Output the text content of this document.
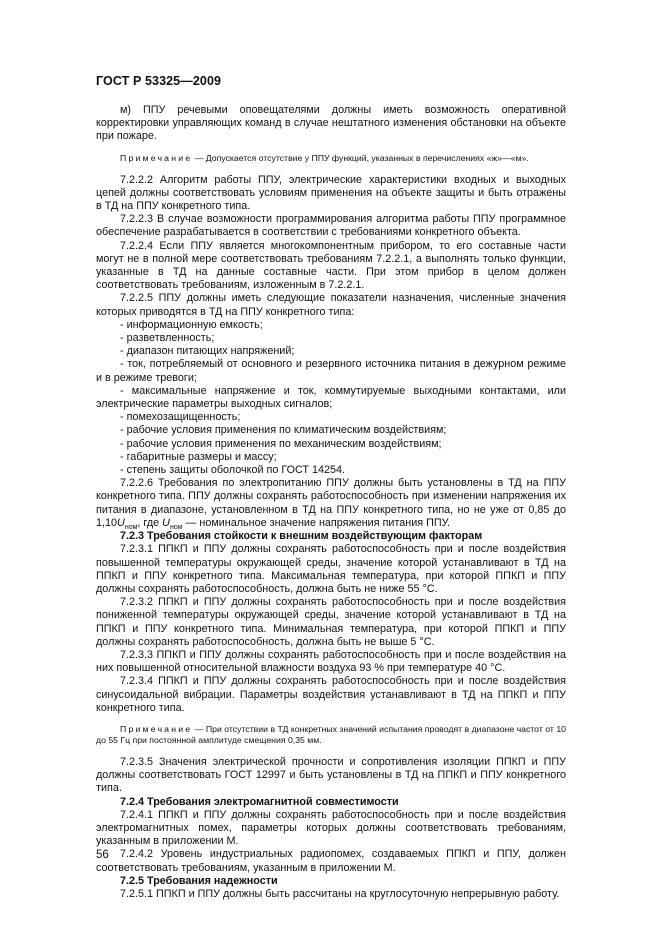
ГОСТ Р 53325—2009

м) ППУ речевыми оповещателями должны иметь возможность оперативной корректировки управляющих команд в случае нештатного изменения обстановки на объекте при пожаре.

Примечание — Допускается отсутствие у ППУ функций, указанных в перечислениях «ж»—«м».

7.2.2.2 Алгоритм работы ППУ, электрические характеристики входных и выходных цепей должны соответствовать условиям применения на объекте защиты и быть отражены в ТД на ППУ конкретного типа.

7.2.2.3 В случае возможности программирования алгоритма работы ППУ программное обеспечение разрабатывается в соответствии с требованиями конкретного объекта.

7.2.2.4 Если ППУ является многокомпонентным прибором, то его составные части могут не в полной мере соответствовать требованиям 7.2.2.1, а выполнять только функции, указанные в ТД на данные составные части. При этом прибор в целом должен соответствовать требованиям, изложенным в 7.2.2.1.

7.2.2.5 ППУ должны иметь следующие показатели назначения, численные значения которых приводятся в ТД на ППУ конкретного типа:

- информационную емкость;

- разветвленность;

- диапазон питающих напряжений;

- ток, потребляемый от основного и резервного источника питания в дежурном режиме и в режиме тревоги;

- максимальные напряжение и ток, коммутируемые выходными контактами, или электрические параметры выходных сигналов;

- помехозащищенность;

- рабочие условия применения по климатическим воздействиям;

- рабочие условия применения по механическим воздействиям;

- габаритные размеры и массу;

- степень защиты оболочкой по ГОСТ 14254.

7.2.2.6 Требования по электропитанию ППУ должны быть установлены в ТД на ППУ конкретного типа. ППУ должны сохранять работоспособность при изменении напряжения их питания в диапазоне, установленном в ТД на ППУ конкретного типа, но не уже от 0,85 до $1,10U_{ном}$, где $U_{ном}$ — номинальное значение напряжения питания ППУ.

7.2.3 Требования стойкости к внешним воздействующим факторам

7.2.3.1 ППКП и ППУ должны сохранять работоспособность при и после воздействия повышенной температуры окружающей среды, значение которой устанавливают в ТД на ППКП и ППУ конкретного типа. Максимальная температура, при которой ППКП и ППУ должны сохранять работоспособность, должна быть не ниже 55 °С.

7.2.3.2 ППКП и ППУ должны сохранять работоспособность при и после воздействия пониженной температуры окружающей среды, значение которой устанавливают в ТД на ППКП и ППУ конкретного типа. Минимальная температура, при которой ППКП и ППУ должны сохранять работоспособность, должна быть не выше 5 °С.

7.2.3.3 ППКП и ППУ должны сохранять работоспособность при и после воздействия на них повышенной относительной влажности воздуха 93 % при температуре 40 °С.

7.2.3.4 ППКП и ППУ должны сохранять работоспособность при и после воздействия синусоидальной вибрации. Параметры воздействия устанавливают в ТД на ППКП и ППУ конкретного типа.

Примечание — При отсутствии в ТД конкретных значений испытания проводят в диапазоне частот от 10 до 55 Гц при постоянной амплитуде смещения 0,35 мм.

7.2.3.5 Значения электрической прочности и сопротивления изоляции ППКП и ППУ должны соответствовать ГОСТ 12997 и быть установлены в ТД на ППКП и ППУ конкретного типа.

7.2.4 Требования электромагнитной совместимости

7.2.4.1 ППКП и ППУ должны сохранять работоспособность при и после воздействия электромагнитных помех, параметры которых должны соответствовать требованиям, указанным в приложении М.

7.2.4.2 Уровень индустриальных радиопомех, создаваемых ППКП и ППУ, должен соответствовать требованиям, указанным в приложении М.

7.2.5 Требования надежности

7.2.5.1 ППКП и ППУ должны быть рассчитаны на круглосуточную непрерывную работу.

56
